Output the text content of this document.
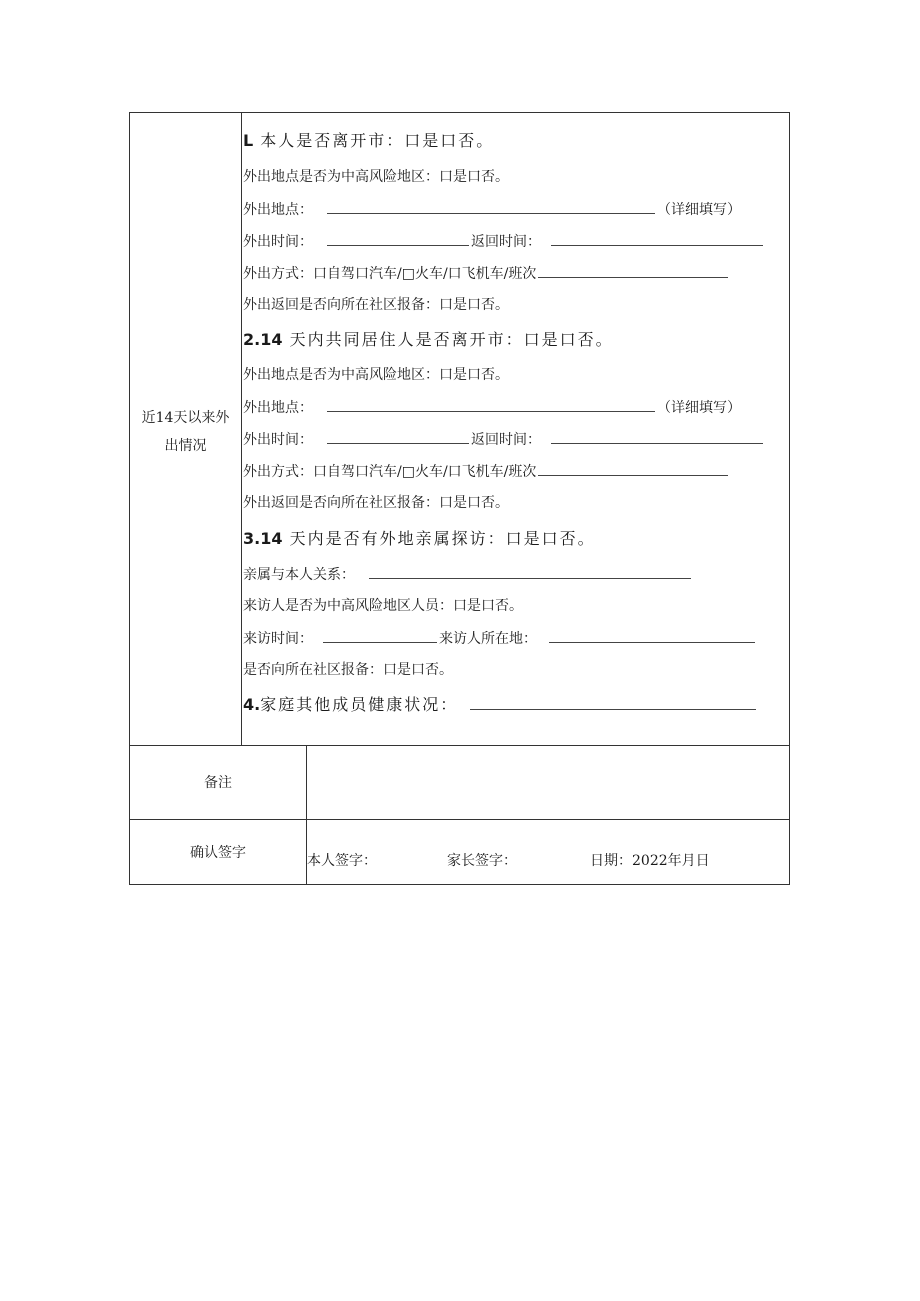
近14天以来外
出情况
L 本人是否离开市：口是口否。
外出地点是否为中高风险地区：口是口否。
外出地点：	（详细填写）
外出时间：	返回时间：
外出方式：口自驾口汽车/□火车/口飞机车/班次
外出返回是否向所在社区报备：口是口否。
2.14 天内共同居住人是否离开市：口是口否。
外出地点是否为中高风险地区：口是口否。
外出地点：	（详细填写）
外出时间：	返回时间：
外出方式：口自驾口汽车/□火车/口飞机车/班次
外出返回是否向所在社区报备：口是口否。
3.14 天内是否有外地亲属探访：口是口否。
亲属与本人关系：
来访人是否为中高风险地区人员：口是口否。
来访时间：	来访人所在地：
是否向所在社区报备：口是口否。
4.家庭其他成员健康状况：
备注
确认签字	本人签字：	家长签字：	日期：2022年月日
